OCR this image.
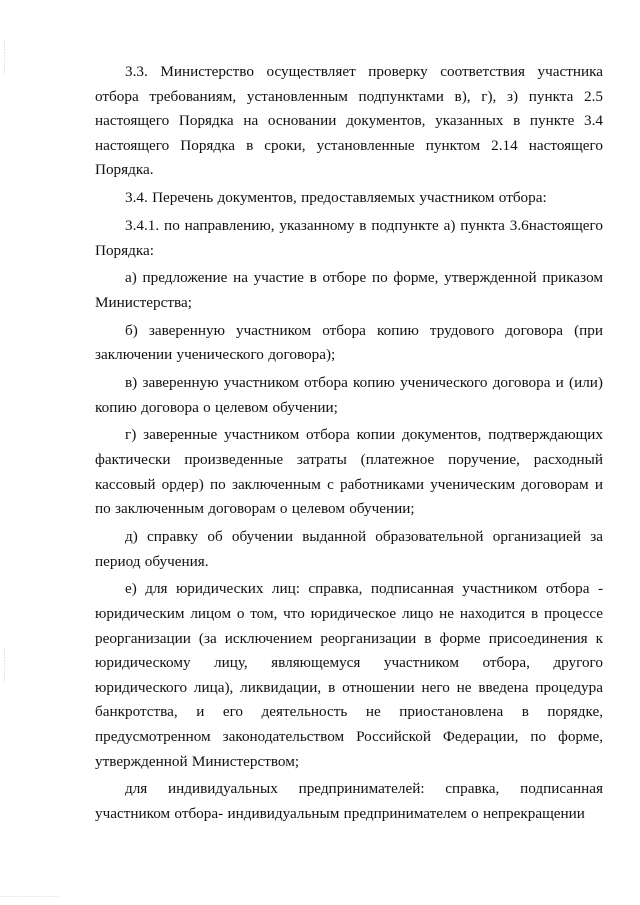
3.3. Министерство осуществляет проверку соответствия участника отбора требованиям, установленным подпунктами в), г), з) пункта 2.5 настоящего Порядка на основании документов, указанных в пункте 3.4 настоящего Порядка в сроки, установленные пунктом 2.14 настоящего Порядка.

3.4. Перечень документов, предоставляемых участником отбора:

3.4.1. по направлению, указанному в подпункте а) пункта 3.6настоящего Порядка:

а) предложение на участие в отборе по форме, утвержденной приказом Министерства;

б) заверенную участником отбора копию трудового договора (при заключении ученического договора);

в) заверенную участником отбора копию ученического договора и (или) копию договора о целевом обучении;

г) заверенные участником отбора копии документов, подтверждающих фактически произведенные затраты (платежное поручение, расходный кассовый ордер) по заключенным с работниками ученическим договорам и по заключенным договорам о целевом обучении;

д) справку об обучении выданной образовательной организацией за период обучения.

е) для юридических лиц: справка, подписанная участником отбора - юридическим лицом о том, что юридическое лицо не находится в процессе реорганизации (за исключением реорганизации в форме присоединения к юридическому лицу, являющемуся участником отбора, другого юридического лица), ликвидации, в отношении него не введена процедура банкротства, и его деятельность не приостановлена в порядке, предусмотренном законодательством Российской Федерации, по форме, утвержденной Министерством;

для индивидуальных предпринимателей: справка, подписанная участником отбора- индивидуальным предпринимателем о непрекращении
